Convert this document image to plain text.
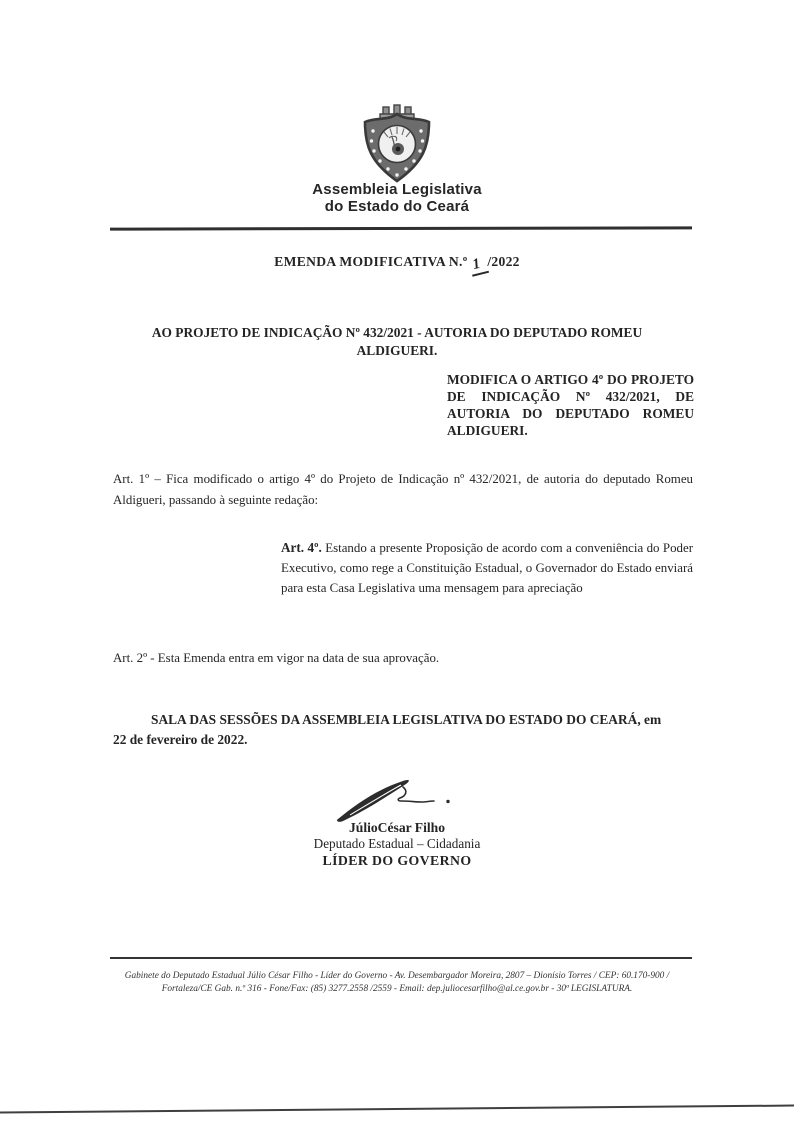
Assembleia Legislativa
do Estado do Ceará
EMENDA MODIFICATIVA N.º 1 /2022
AO PROJETO DE INDICAÇÃO Nº 432/2021 - AUTORIA DO DEPUTADO ROMEU
ALDIGUERI.
MODIFICA O ARTIGO 4º DO PROJETO DE INDICAÇÃO Nº 432/2021, DE AUTORIA DO DEPUTADO ROMEU ALDIGUERI.
Art. 1º – Fica modificado o artigo 4º do Projeto de Indicação nº 432/2021, de autoria do deputado Romeu Aldigueri, passando à seguinte redação:
Art. 4º. Estando a presente Proposição de acordo com a conveniência do Poder Executivo, como rege a Constituição Estadual, o Governador do Estado enviará para esta Casa Legislativa uma mensagem para apreciação
Art. 2º - Esta Emenda entra em vigor na data de sua aprovação.
SALA DAS SESSÕES DA ASSEMBLEIA LEGISLATIVA DO ESTADO DO CEARÁ, em
22 de fevereiro de 2022.
JúlioCésar Filho
Deputado Estadual – Cidadania
LÍDER DO GOVERNO
Gabinete do Deputado Estadual Júlio César Filho - Líder do Governo - Av. Desembargador Moreira, 2807 – Dionísio Torres / CEP: 60.170-900 /
Fortaleza/CE Gab. n.º 316 - Fone/Fax: (85) 3277.2558 /2559 - Email: dep.juliocesarfilho@al.ce.gov.br - 30ª LEGISLATURA.
